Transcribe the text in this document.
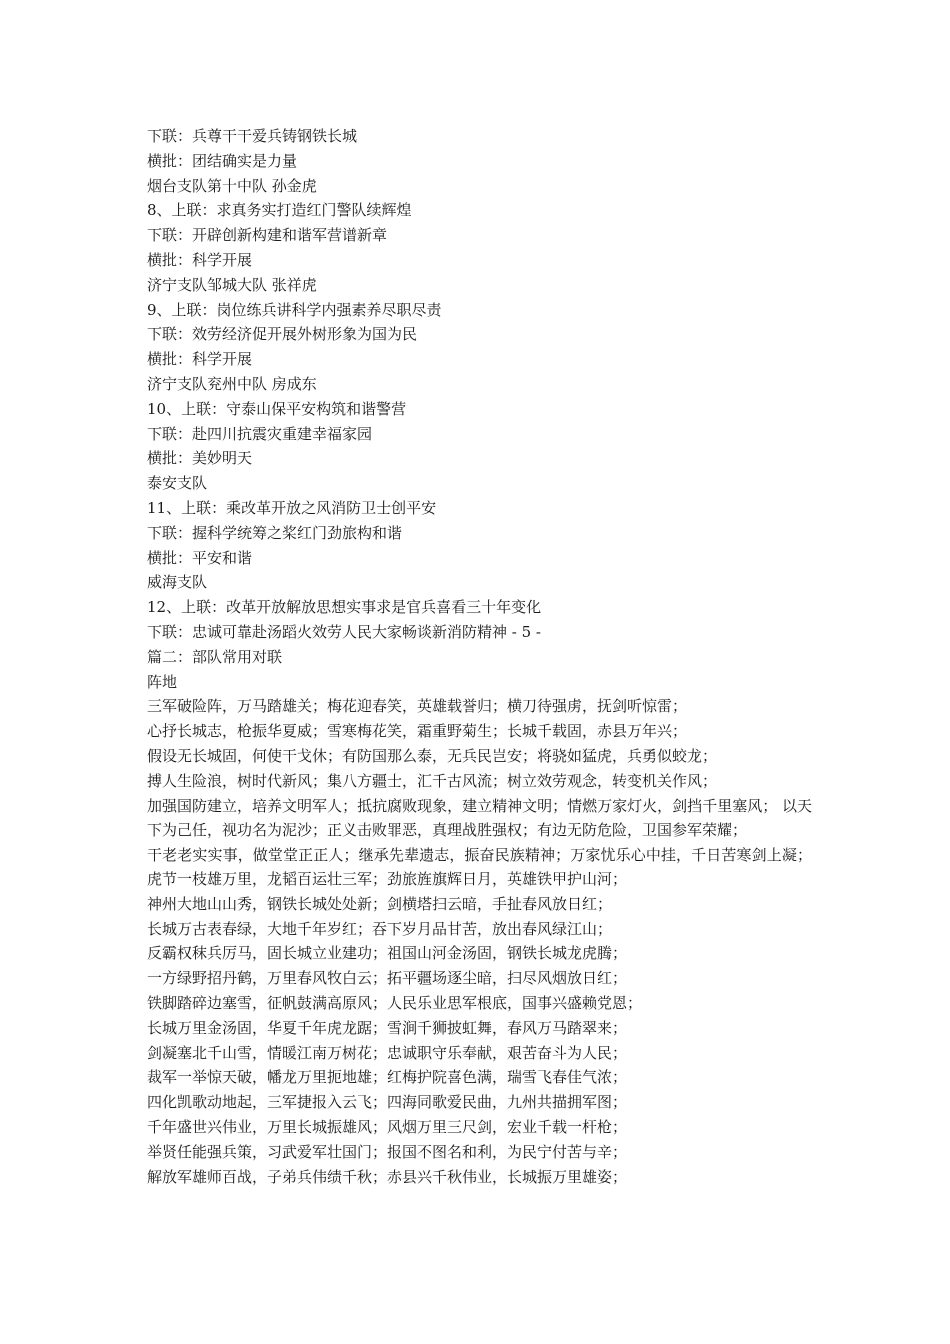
下联：兵尊干干爱兵铸钢铁长城
横批：团结确实是力量
烟台支队第十中队 孙金虎
8、上联：求真务实打造红门警队续辉煌
下联：开辟创新构建和谐军营谱新章
横批：科学开展
济宁支队邹城大队 张祥虎
9、上联：岗位练兵讲科学内强素养尽职尽责
下联：效劳经济促开展外树形象为国为民
横批：科学开展
济宁支队兖州中队 房成东
10、上联：守泰山保平安构筑和谐警营
下联：赴四川抗震灾重建幸福家园
横批：美妙明天
泰安支队
11、上联：乘改革开放之风消防卫士创平安
下联：握科学统筹之桨红门劲旅构和谐
横批：平安和谐
威海支队
12、上联：改革开放解放思想实事求是官兵喜看三十年变化
下联：忠诚可靠赴汤蹈火效劳人民大家畅谈新消防精神 - 5 -
篇二：部队常用对联
阵地
三军破险阵，万马踏雄关；梅花迎春笑，英雄载誉归；横刀待强虏，抚剑听惊雷；
心抒长城志，枪振华夏威；雪寒梅花笑，霜重野菊生；长城千载固，赤县万年兴；
假设无长城固，何使干戈休；有防国那么泰，无兵民岂安；将骁如猛虎，兵勇似蛟龙；
搏人生险浪，树时代新风；集八方疆士，汇千古风流；树立效劳观念，转变机关作风；
加强国防建立，培养文明军人；抵抗腐败现象，建立精神文明；情燃万家灯火，剑挡千里塞风； 以天下为己任，视功名为泥沙；正义击败罪恶，真理战胜强权；有边无防危险，卫国参军荣耀；
干老老实实事，做堂堂正正人；继承先辈遗志，振奋民族精神；万家忧乐心中挂，千日苦寒剑上凝； 虎节一枝雄万里，龙韬百运壮三军；劲旅旌旗辉日月，英雄铁甲护山河；
神州大地山山秀，钢铁长城处处新；剑横塔扫云暗，手扯春风放日红；
长城万古表春绿，大地千年岁红；吞下岁月品甘苦，放出春风绿江山；
反霸权秣兵厉马，固长城立业建功；祖国山河金汤固，钢铁长城龙虎腾；
一方绿野招丹鹤，万里春风牧白云；拓平疆场逐尘暗，扫尽风烟放日红；
铁脚踏碎边塞雪，征帆鼓满高原风；人民乐业思军根底，国事兴盛赖党恩；
长城万里金汤固，华夏千年虎龙踞；雪涧千狮披虹舞，春风万马踏翠来；
剑凝塞北千山雪，情暖江南万树花；忠诚职守乐奉献，艰苦奋斗为人民；
裁军一举惊天破，幡龙万里扼地雄；红梅护院喜色满，瑞雪飞春佳气浓；
四化凯歌动地起，三军捷报入云飞；四海同歌爱民曲，九州共描拥军图；
千年盛世兴伟业，万里长城振雄风；风烟万里三尺剑，宏业千载一杆枪；
举贤任能强兵策，习武爱军壮国门；报国不图名和利，为民宁付苦与辛；
解放军雄师百战，子弟兵伟绩千秋；赤县兴千秋伟业，长城振万里雄姿；
